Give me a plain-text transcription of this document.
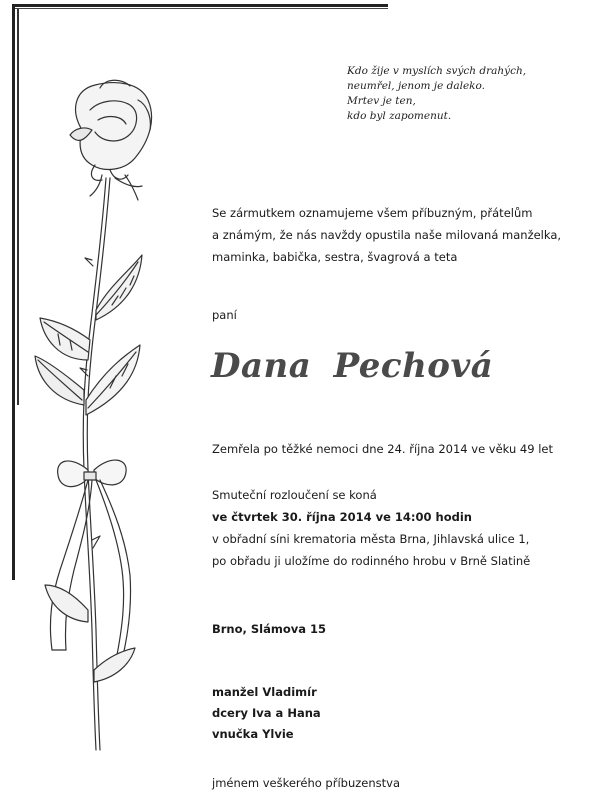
Kdo žije v myslích svých drahých,
neumřel, jenom je daleko.
Mrtev je ten,
kdo byl zapomenut.
Se zármutkem oznamujeme všem příbuzným, přátelům
a známým, že nás navždy opustila naše milovaná manželka,
maminka, babička, sestra, švagrová a teta
paní
Dana Pechová
Zemřela po těžké nemoci dne 24. října 2014 ve věku 49 let
Smuteční rozloučení se koná
ve čtvrtek 30. října 2014 ve 14:00 hodin
v obřadní síni krematoria města Brna, Jihlavská ulice 1,
po obřadu ji uložíme do rodinného hrobu v Brně Slatině
Brno, Slámova 15
manžel Vladimír
dcery Iva a Hana
vnučka Ylvie
jménem veškerého příbuzenstva
